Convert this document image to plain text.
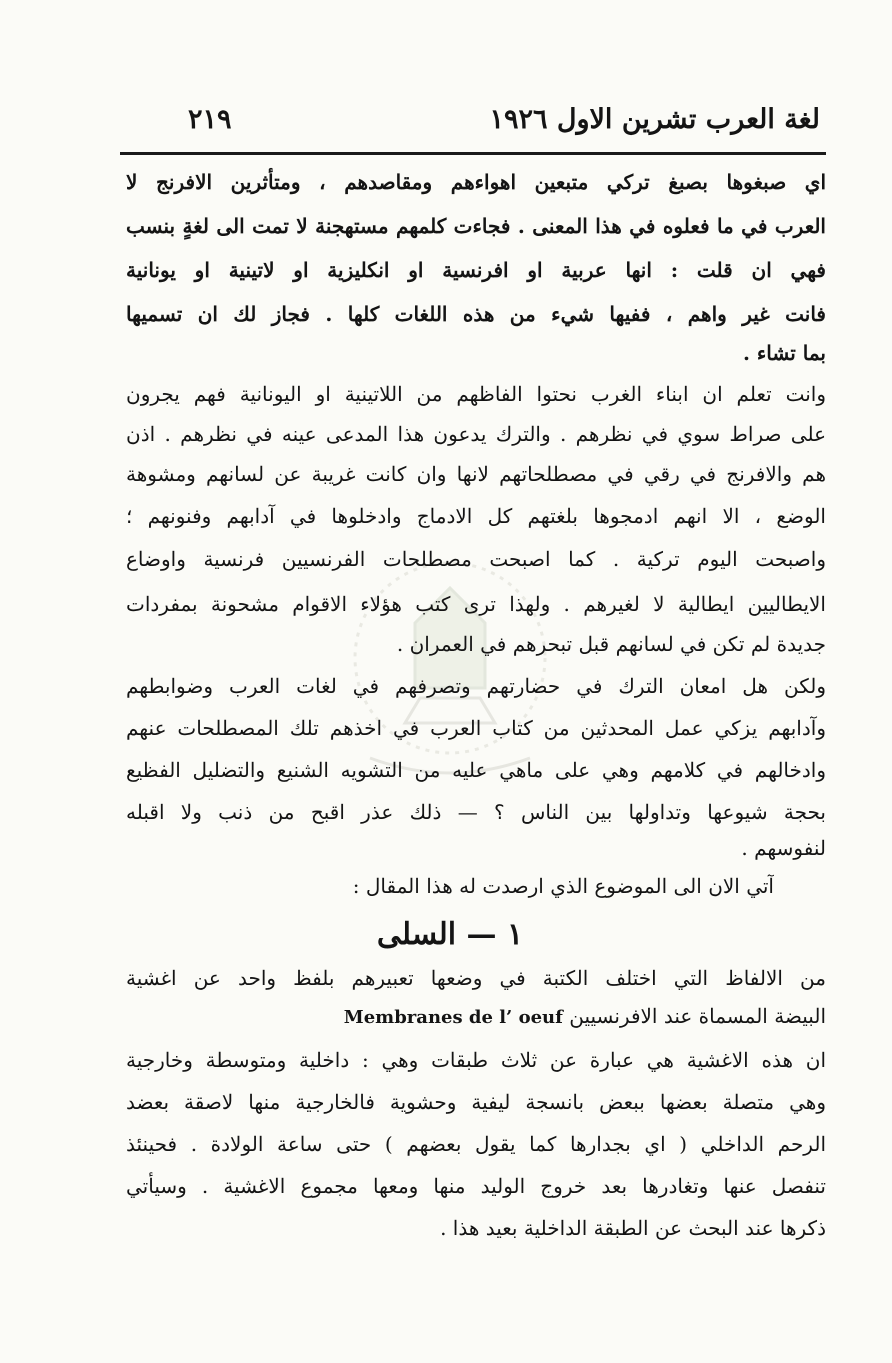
لغة العرب تشرين الاول ١٩٢٦
٢١٩
اي صبغوها بصبغ تركي متبعين اهواءهم ومقاصدهم ، ومتأثرين الافرنج لا
العرب في ما فعلوه في هذا المعنى . فجاءت كلمهم مستهجنة لا تمت الى لغةٍ بنسب
فهي ان قلت : انها عربية او افرنسية او انكليزية او لاتينية او يونانية
فانت غير واهم ، ففيها شيء من هذه اللغات كلها . فجاز لك ان تسميها
بما تشاء .
وانت تعلم ان ابناء الغرب نحتوا الفاظهم من اللاتينية او اليونانية فهم يجرون
على صراط سوي في نظرهم . والترك يدعون هذا المدعى عينه في نظرهم . اذن
هم والافرنج في رقي في مصطلحاتهم لانها وان كانت غريبة عن لسانهم ومشوهة
الوضع ، الا انهم ادمجوها بلغتهم كل الادماج وادخلوها في آدابهم وفنونهم ؛
واصبحت اليوم تركية . كما اصبحت مصطلحات الفرنسيين فرنسية واوضاع
الايطاليين ايطالية لا لغيرهم . ولهذا ترى كتب هؤلاء الاقوام مشحونة بمفردات
جديدة لم تكن في لسانهم قبل تبحرهم في العمران .
ولكن هل امعان الترك في حضارتهم وتصرفهم في لغات العرب وضوابطهم
وآدابهم يزكي عمل المحدثين من كتاب العرب في اخذهم تلك المصطلحات عنهم
وادخالهم في كلامهم وهي على ماهي عليه من التشويه الشنيع والتضليل الفظيع
بحجة شيوعها وتداولها بين الناس ؟ — ذلك عذر اقبح من ذنب ولا اقبله
لنفوسهم .
آتي الان الى الموضوع الذي ارصدت له هذا المقال :
١ — السلى
من الالفاظ التي اختلف الكتبة في وضعها تعبيرهم بلفظ واحد عن اغشية
البيضة المسماة عند الافرنسيين Membranes de l’ oeuf
ان هذه الاغشية هي عبارة عن ثلاث طبقات وهي : داخلية ومتوسطة وخارجية
وهي متصلة بعضها ببعض بانسجة ليفية وحشوية فالخارجية منها لاصقة بعضد
الرحم الداخلي ( اي بجدارها كما يقول بعضهم ) حتى ساعة الولادة . فحينئذ
تنفصل عنها وتغادرها بعد خروج الوليد منها ومعها مجموع الاغشية . وسيأتي
ذكرها عند البحث عن الطبقة الداخلية بعيد هذا .
